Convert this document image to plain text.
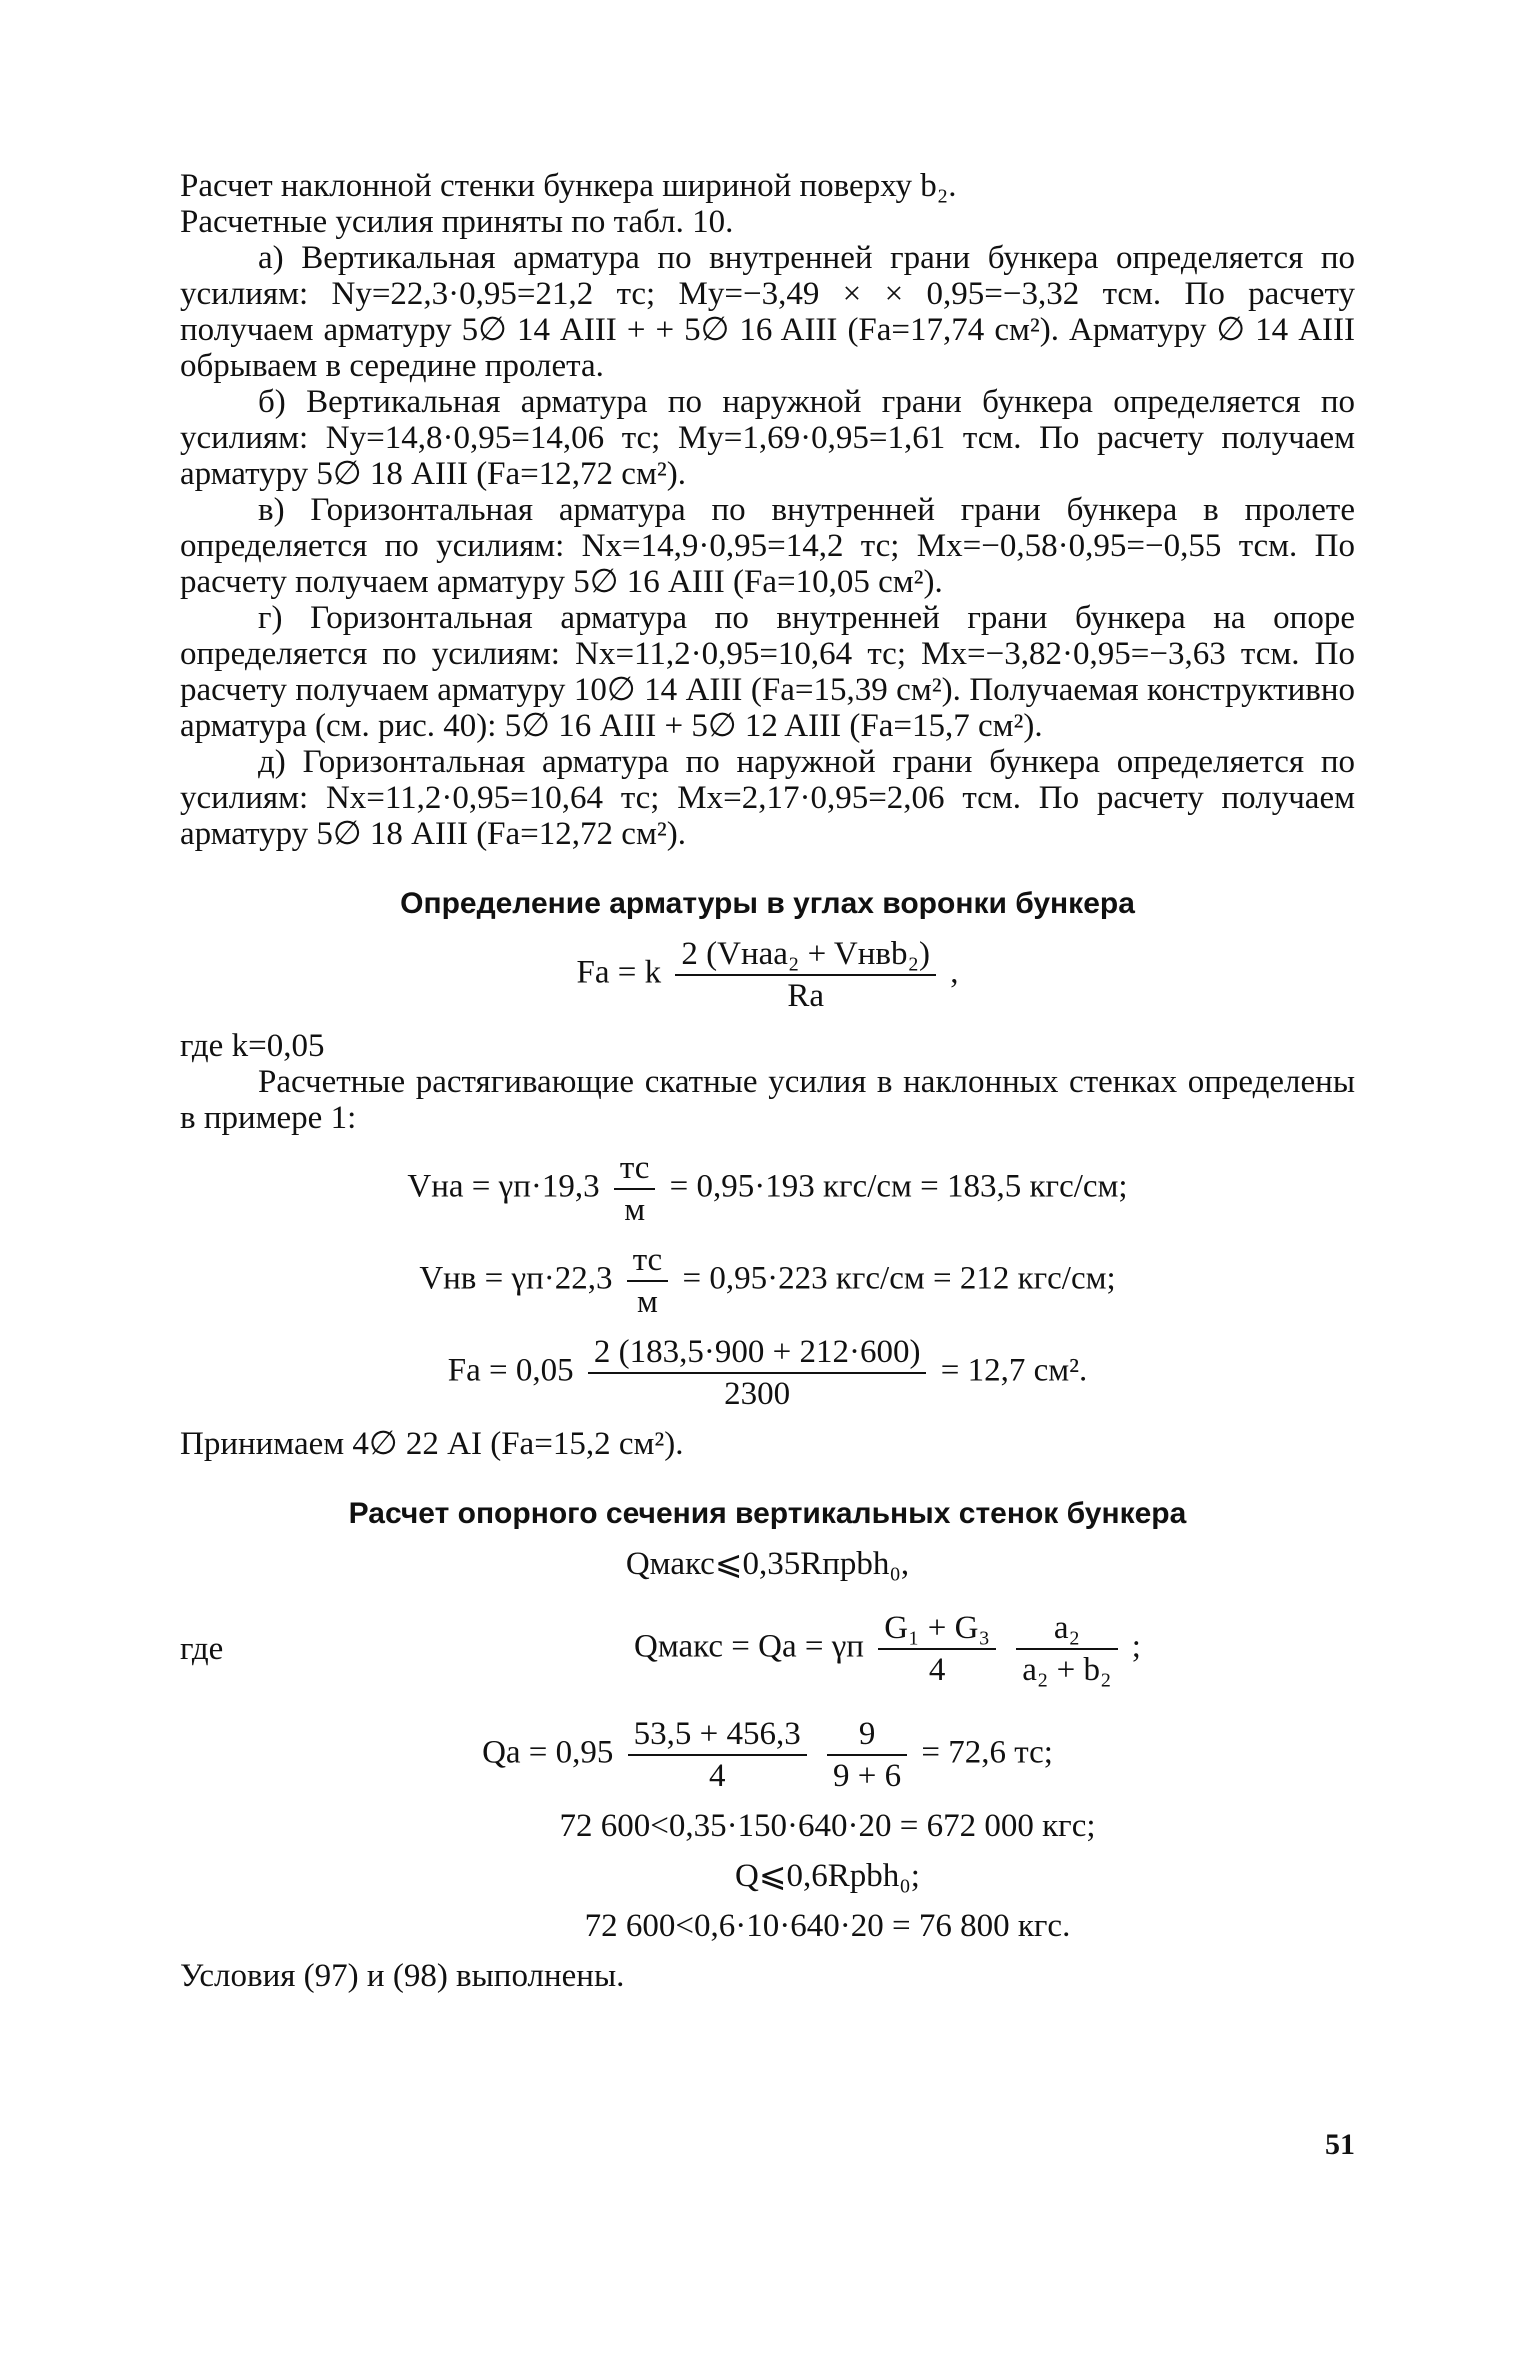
Расчет наклонной стенки бункера шириной поверху b₂.

Расчетные усилия приняты по табл. 10.

а) Вертикальная арматура по внутренней грани бункера определяется по усилиям: Nу=22,3·0,95=21,2 тс; Mу=−3,49 × × 0,95=−3,32 тсм. По расчету получаем арматуру 5∅ 14 AIII + + 5∅ 16 AIII (Fа=17,74 см²). Арматуру ∅ 14 AIII обрываем в середине пролета.

б) Вертикальная арматура по наружной грани бункера определяется по усилиям: Nу=14,8·0,95=14,06 тс; Mу=1,69·0,95=1,61 тсм. По расчету получаем арматуру 5∅ 18 AIII (Fа=12,72 см²).

в) Горизонтальная арматура по внутренней грани бункера в пролете определяется по усилиям: Nx=14,9·0,95=14,2 тс; Mx=−0,58·0,95=−0,55 тсм. По расчету получаем арматуру 5∅ 16 AIII (Fа=10,05 см²).

г) Горизонтальная арматура по внутренней грани бункера на опоре определяется по усилиям: Nx=11,2·0,95=10,64 тс; Mx=−3,82·0,95=−3,63 тсм. По расчету получаем арматуру 10∅ 14 AIII (Fа=15,39 см²). Получаемая конструктивно арматура (см. рис. 40): 5∅ 16 AIII + 5∅ 12 AIII (Fа=15,7 см²).

д) Горизонтальная арматура по наружной грани бункера определяется по усилиям: Nx=11,2·0,95=10,64 тс; Mx=2,17·0,95=2,06 тсм. По расчету получаем арматуру 5∅ 18 AIII (Fа=12,72 см²).

Определение арматуры в углах воронки бункера
Fа = k $\frac{\text{2 (Vнаa₂ + Vнвb₂)}}{Rа}$ ,

где k=0,05

Расчетные растягивающие скатные усилия в наклонных стенках определены в примере 1:

Vна = $\gamma п\cdot 19,3 \frac{тс}{м} = 0,95\cdot 193$ кгс/см = 183,5 кгс/см;
Vнв = $\gamma п\cdot 22,3 \frac{тс}{м} = 0,95\cdot 223$ кгс/см = 212 кгс/см;
Fа = $0,05 \frac{2 (183,5\cdot 900 + 212\cdot 600)}{2300} = 12,7$ см².

Принимаем 4∅ 22 AI (Fа=15,2 см²).

Расчет опорного сечения вертикальных стенок бункера
Qмакс⩽0,35Rпрbh₀,
где	Qмакс = Qа = γп $\frac{\text{G₁ + G₃}}{4}$
$\frac{\text{a₂}}{\text{a₂ + b₂}}$ ;
Qа = $0,95 \frac{53,5 + 456,3}{4}$
$\frac{9}{9 + 6} = 72,6$ тс;
72 600<0,35·150·640·20 = 672 000 кгс;
Q⩽0,6Rрbh₀;
72 600<0,6·10·640·20 = 76 800 кгс.

Условия (97) и (98) выполнены.

51
